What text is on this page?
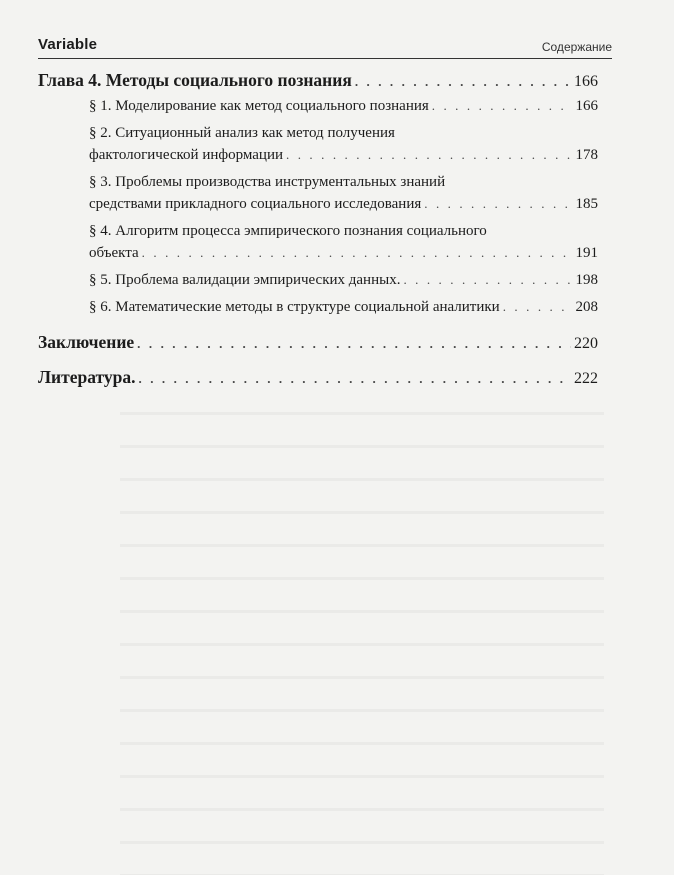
Variable	Содержание
Глава 4. Методы социального познания . . .	166
§ 1. Моделирование как метод социального познания . . .	166
§ 2. Ситуационный анализ как метод получения
фактологической информации . . .	178
§ 3. Проблемы производства инструментальных знаний
средствами прикладного социального исследования . . .	185
§ 4. Алгоритм процесса эмпирического познания социального
объекта . . .	191
§ 5. Проблема валидации эмпирических данных. . . .	198
§ 6. Математические методы в структуре социальной аналитики . . .	208
Заключение . . .	220
Литература. . . .	222
